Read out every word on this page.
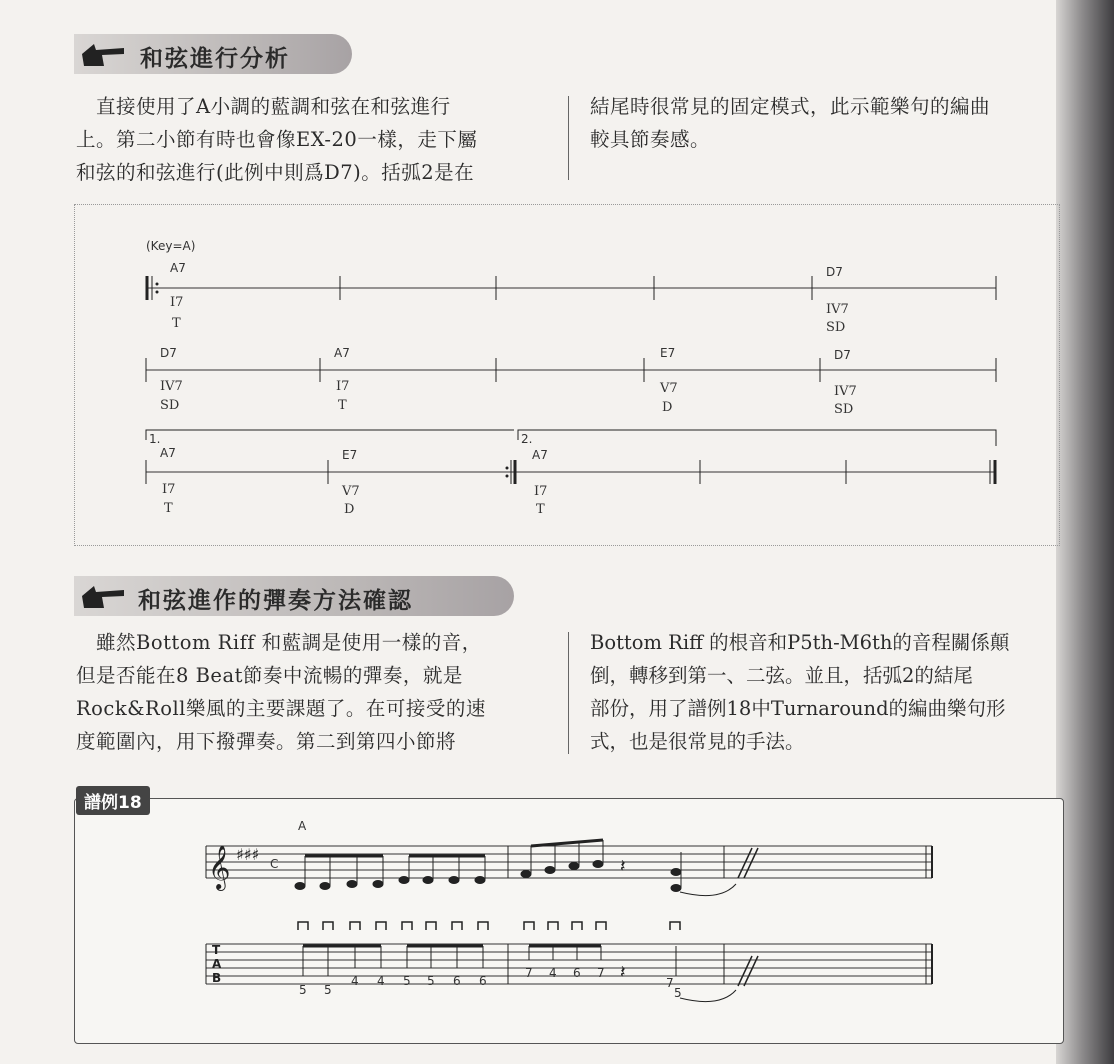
和弦進行分析
　直接使用了A小調的藍調和弦在和弦進行
上。第二小節有時也會像EX-20一樣，走下屬
和弦的和弦進行(此例中則爲D7)。括弧2是在
結尾時很常見的固定模式，此示範樂句的編曲
較具節奏感。
(Key=A)
A7
I7
T
D7
IV7
SD
D7
IV7
SD
A7
I7
T
E7
V7
D
D7
IV7
SD
1.	2.
A7
I7
T
E7
V7
D
A7
I7
T
和弦進作的彈奏方法確認
　雖然Bottom Riff 和藍調是使用一樣的音，
但是否能在8 Beat節奏中流暢的彈奏，就是
Rock&Roll樂風的主要課題了。在可接受的速
度範圍內，用下撥彈奏。第二到第四小節將
Bottom Riff 的根音和P5th-M6th的音程關係顛
倒，轉移到第一、二弦。並且，括弧2的結尾
部份，用了譜例18中Turnaround的編曲樂句形
式，也是很常見的手法。
譜例18
𝄞 ♯♯♯ C
A
𝄽
T
A
B
5 5
4 4 5 5 6 6
7 4 6 7
7
5
𝄽
